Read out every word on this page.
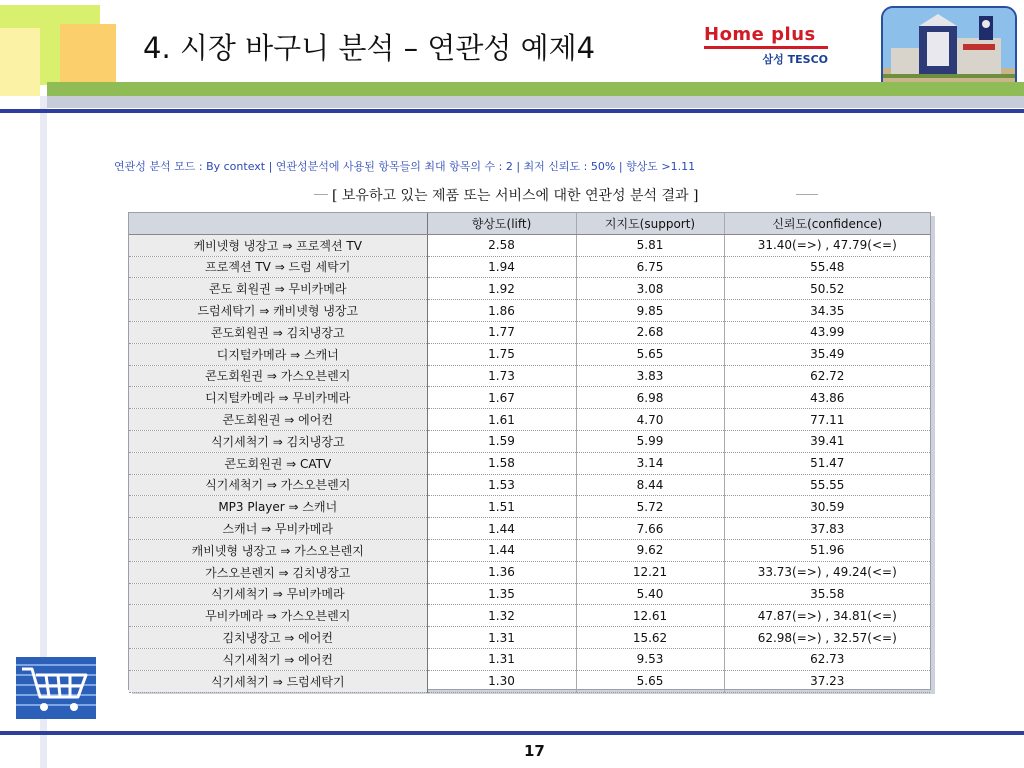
4. 시장 바구니 분석 – 연관성 예제4	Home plus
삼성 TESCO
연관성 분석 모드 : By context | 연관성분석에 사용된 항목들의 최대 항목의 수 : 2 | 최저 신뢰도 : 50% | 향상도 >1.11
[ 보유하고 있는 제품 또는 서비스에 대한 연관성 분석 결과 ]
	향상도(lift)	지지도(support)	신뢰도(confidence)
케비넷형 냉장고 ⇒ 프로젝션 TV	2.58	5.81	31.40(=>) , 47.79(<=)
프로젝션 TV ⇒ 드럼 세탁기	1.94	6.75	55.48
콘도 회원권 ⇒ 무비카메라	1.92	3.08	50.52
드럼세탁기 ⇒ 캐비넷형 냉장고	1.86	9.85	34.35
콘도회원권 ⇒ 김치냉장고	1.77	2.68	43.99
디지털카메라 ⇒ 스캐너	1.75	5.65	35.49
콘도회원권 ⇒ 가스오븐렌지	1.73	3.83	62.72
디지털카메라 ⇒ 무비카메라	1.67	6.98	43.86
콘도회원권 ⇒ 에어컨	1.61	4.70	77.11
식기세척기 ⇒ 김치냉장고	1.59	5.99	39.41
콘도회원권 ⇒ CATV	1.58	3.14	51.47
식기세척기 ⇒ 가스오븐렌지	1.53	8.44	55.55
MP3 Player ⇒ 스캐너	1.51	5.72	30.59
스캐너 ⇒ 무비카메라	1.44	7.66	37.83
캐비넷형 냉장고 ⇒ 가스오븐렌지	1.44	9.62	51.96
가스오븐렌지 ⇒ 김치냉장고	1.36	12.21	33.73(=>) , 49.24(<=)
식기세척기 ⇒ 무비카메라	1.35	5.40	35.58
무비카메라 ⇒ 가스오븐렌지	1.32	12.61	47.87(=>) , 34.81(<=)
김치냉장고 ⇒ 에어컨	1.31	15.62	62.98(=>) , 32.57(<=)
식기세척기 ⇒ 에어컨	1.31	9.53	62.73
식기세척기 ⇒ 드럼세탁기	1.30	5.65	37.23
17
